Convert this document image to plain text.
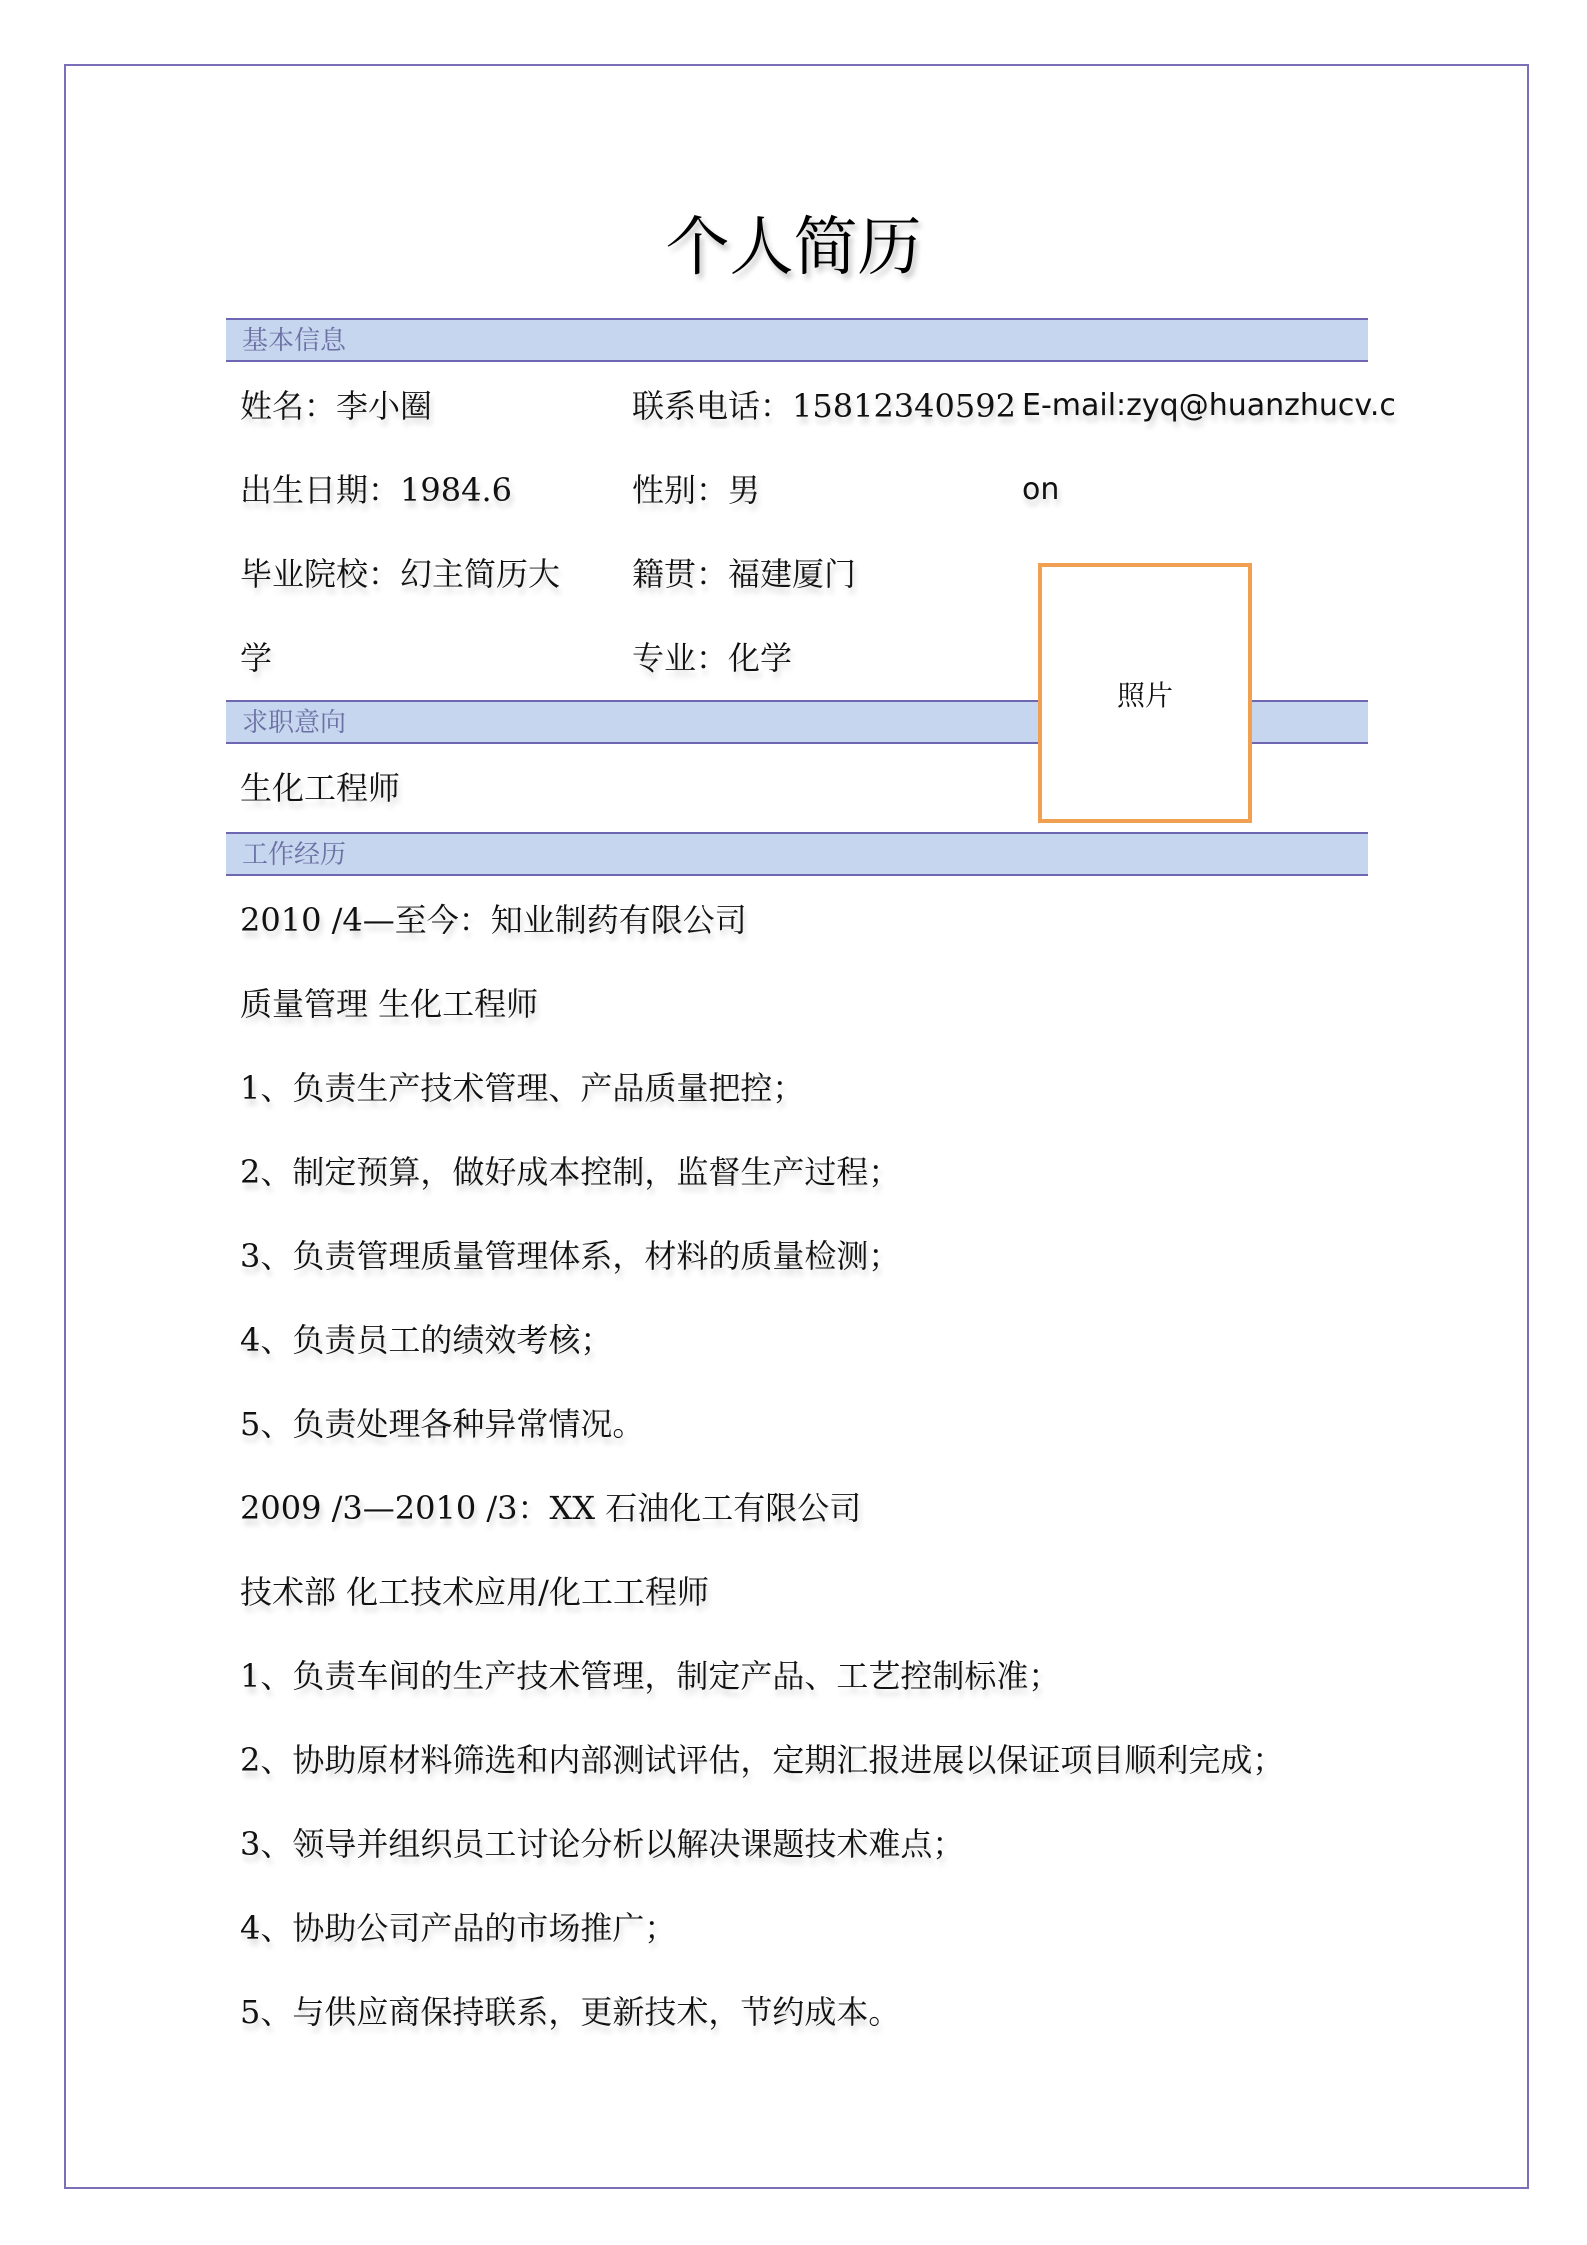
个人简历
基本信息
姓名：李小圈	联系电话：15812340592 E-mail:zyq@huanzhucv.c
出生日期：1984.6	性别：男	on
毕业院校：幻主简历大 籍贯：福建厦门
学	专业：化学
求职意向
生化工程师
工作经历
2010 /4—至今：知业制药有限公司
质量管理 生化工程师
1、负责生产技术管理、产品质量把控；
2、制定预算，做好成本控制，监督生产过程；
3、负责管理质量管理体系，材料的质量检测；
4、负责员工的绩效考核；
5、负责处理各种异常情况。
2009 /3—2010 /3：XX 石油化工有限公司
技术部 化工技术应用/化工工程师
1、负责车间的生产技术管理，制定产品、工艺控制标准；
2、协助原材料筛选和内部测试评估，定期汇报进展以保证项目顺利完成；
3、领导并组织员工讨论分析以解决课题技术难点；
4、协助公司产品的市场推广；
5、与供应商保持联系，更新技术，节约成本。
照片
